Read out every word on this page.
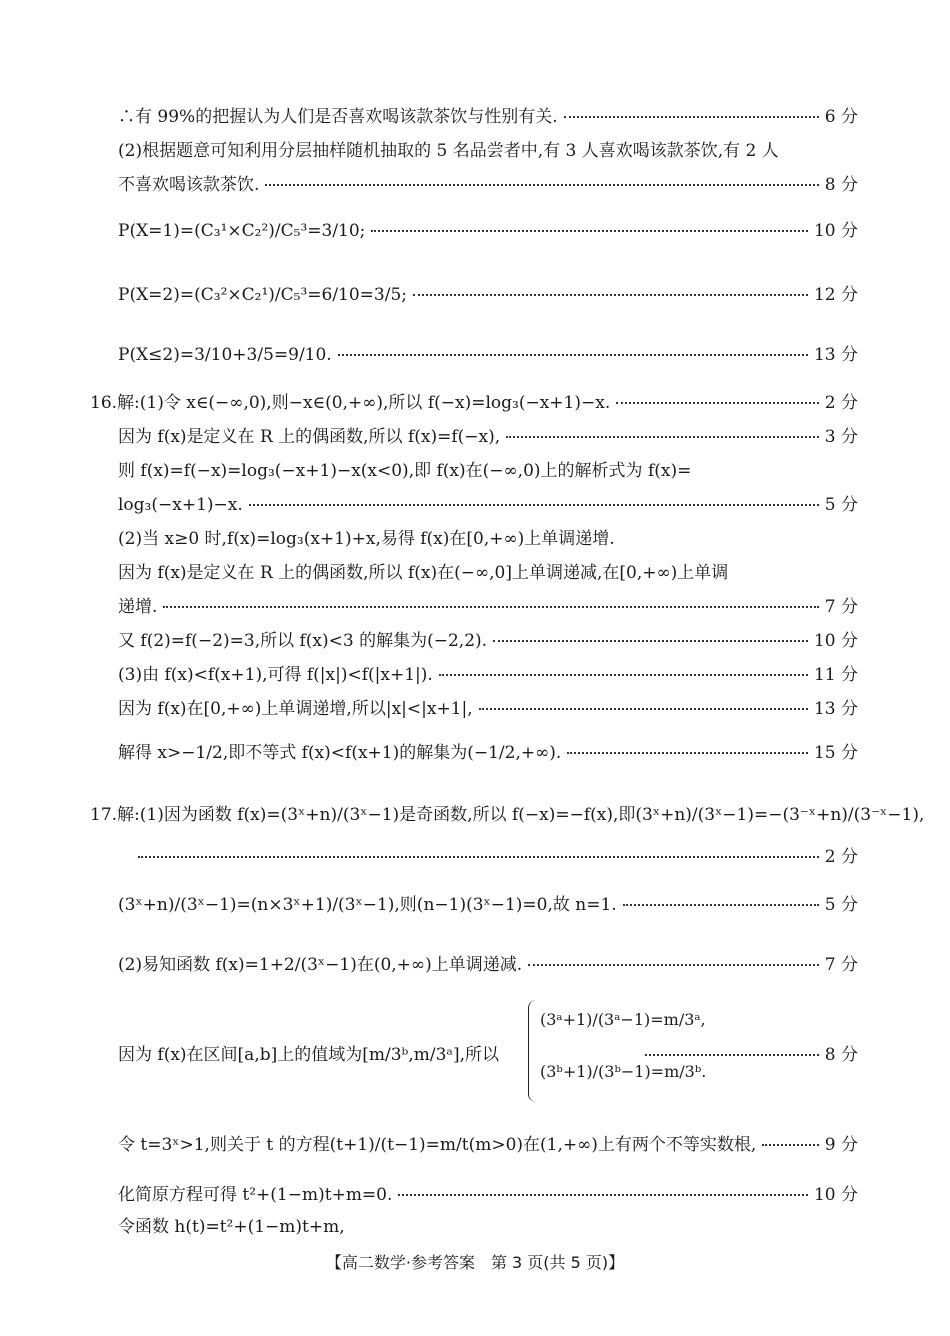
∴有 99%的把握认为人们是否喜欢喝该款茶饮与性别有关.	6 分
(2)根据题意可知利用分层抽样随机抽取的 5 名品尝者中,有 3 人喜欢喝该款茶饮,有 2 人
不喜欢喝该款茶饮.	8 分
P(X=1)=(C₃¹×C₂²)/C₅³=3/10;	10 分
P(X=2)=(C₃²×C₂¹)/C₅³=6/10=3/5;	12 分
P(X≤2)=3/10+3/5=9/10.	13 分
16.解:(1)令 x∈(−∞,0),则−x∈(0,+∞),所以 f(−x)=log₃(−x+1)−x.	2 分
因为 f(x)是定义在 R 上的偶函数,所以 f(x)=f(−x),	3 分
则 f(x)=f(−x)=log₃(−x+1)−x(x<0),即 f(x)在(−∞,0)上的解析式为 f(x)=
log₃(−x+1)−x.	5 分
(2)当 x≥0 时,f(x)=log₃(x+1)+x,易得 f(x)在[0,+∞)上单调递增.
因为 f(x)是定义在 R 上的偶函数,所以 f(x)在(−∞,0]上单调递减,在[0,+∞)上单调
递增.	7 分
又 f(2)=f(−2)=3,所以 f(x)<3 的解集为(−2,2).	10 分
(3)由 f(x)<f(x+1),可得 f(|x|)<f(|x+1|).	11 分
因为 f(x)在[0,+∞)上单调递增,所以|x|<|x+1|,	13 分
解得 x>−1/2,即不等式 f(x)<f(x+1)的解集为(−1/2,+∞).	15 分
17.解:(1)因为函数 f(x)=(3ˣ+n)/(3ˣ−1)是奇函数,所以 f(−x)=−f(x),即(3ˣ+n)/(3ˣ−1)=−(3⁻ˣ+n)/(3⁻ˣ−1),
2 分
(3ˣ+n)/(3ˣ−1)=(n×3ˣ+1)/(3ˣ−1),则(n−1)(3ˣ−1)=0,故 n=1.	5 分
(2)易知函数 f(x)=1+2/(3ˣ−1)在(0,+∞)上单调递减.	7 分
因为 f(x)在区间[a,b]上的值域为[m/3ᵇ,m/3ᵃ],所以	8 分
(3ᵃ+1)/(3ᵃ−1)=m/3ᵃ,
(3ᵇ+1)/(3ᵇ−1)=m/3ᵇ.
令 t=3ˣ>1,则关于 t 的方程(t+1)/(t−1)=m/t(m>0)在(1,+∞)上有两个不等实数根,	9 分
化简原方程可得 t²+(1−m)t+m=0.	10 分
令函数 h(t)=t²+(1−m)t+m,
【高二数学·参考答案　第 3 页(共 5 页)】
